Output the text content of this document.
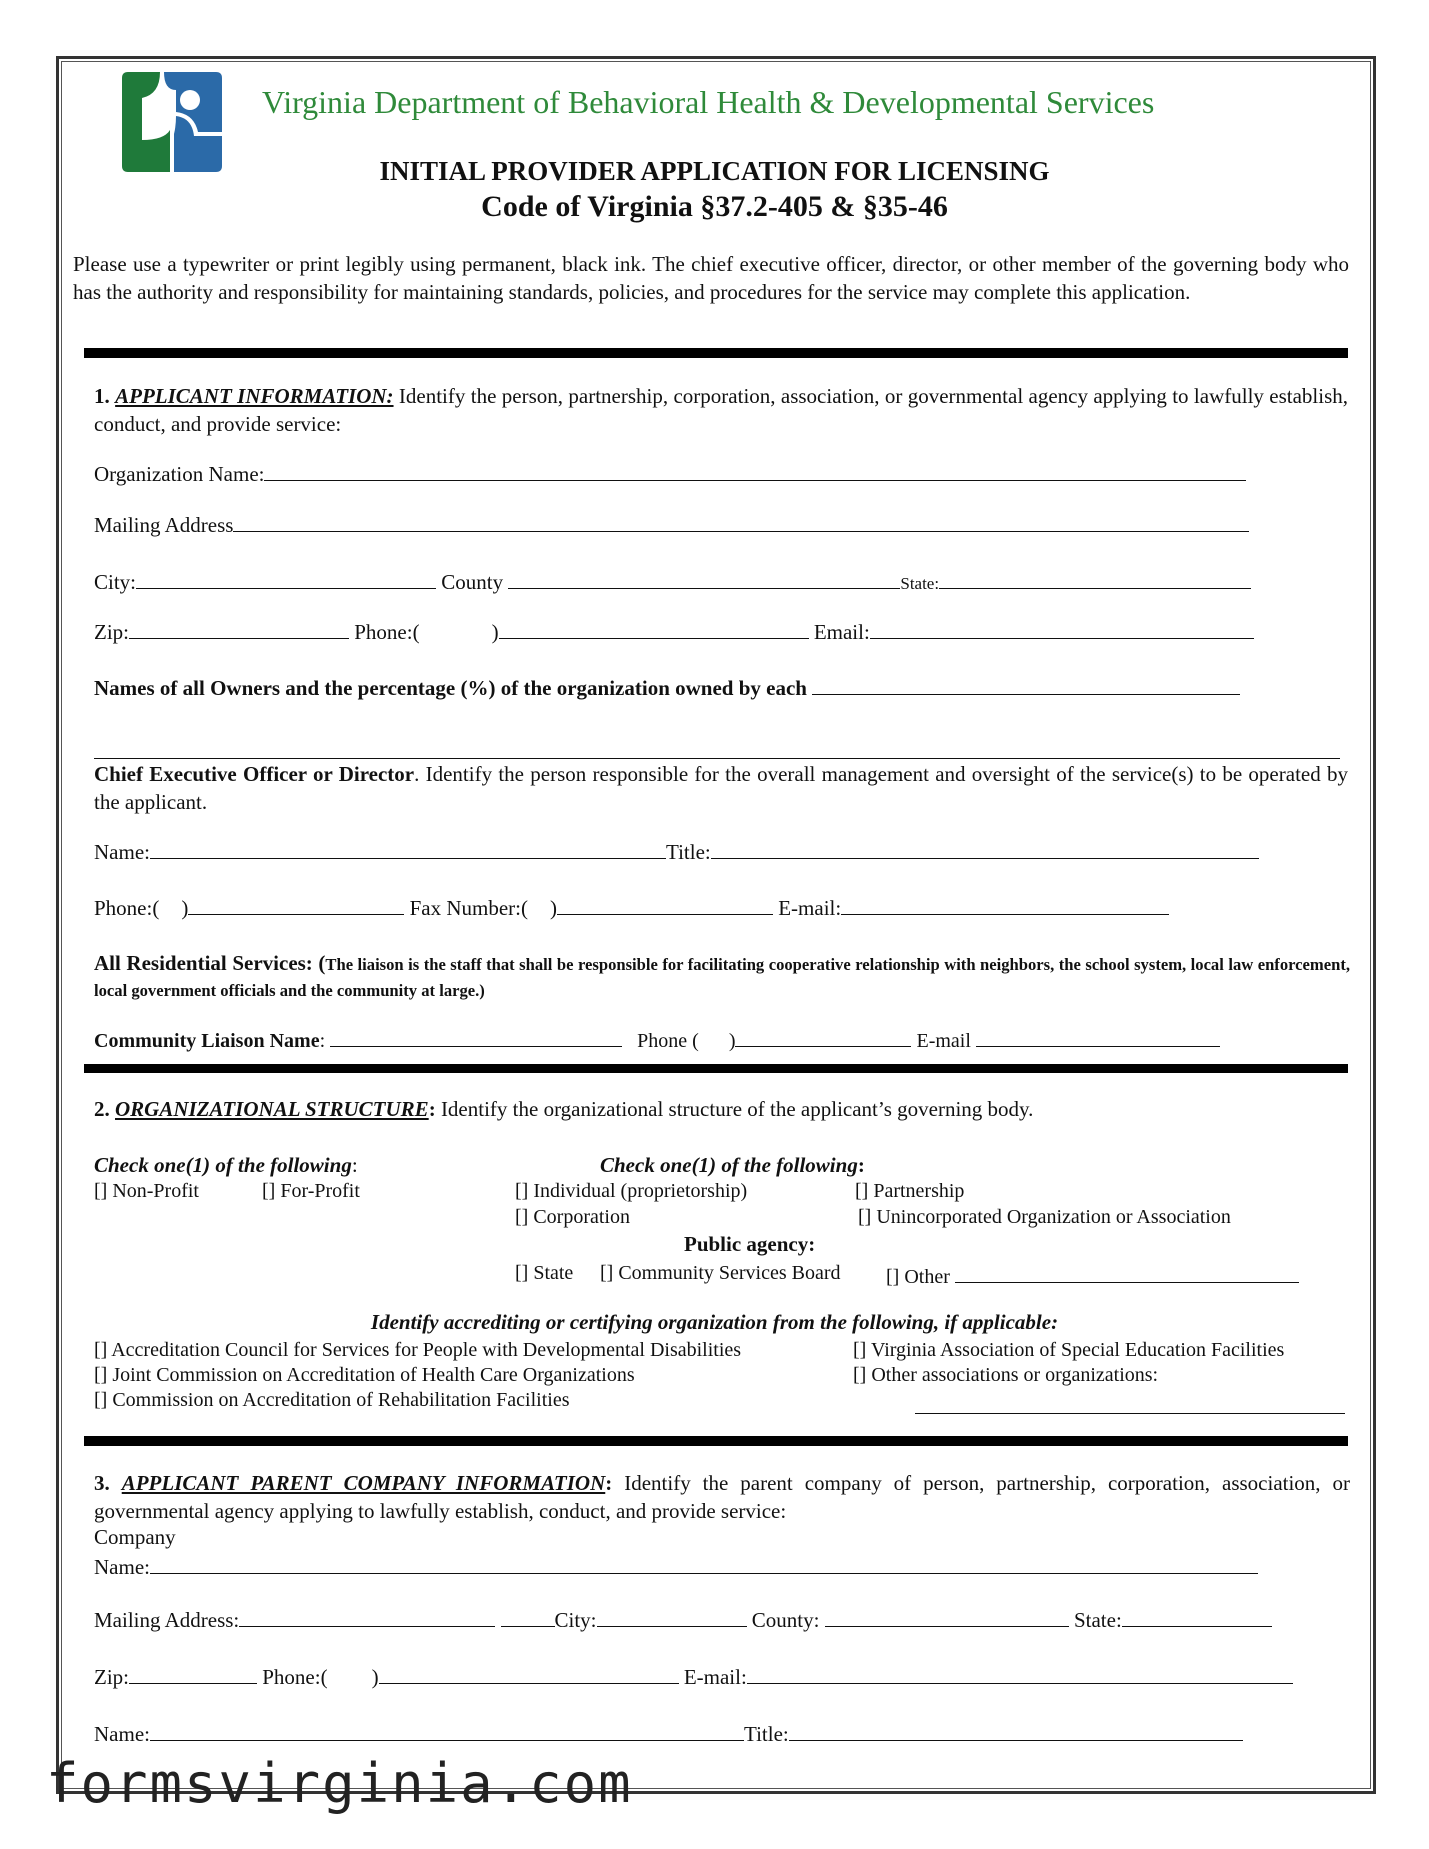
Virginia Department of Behavioral Health & Developmental Services
INITIAL PROVIDER APPLICATION FOR LICENSING
Code of Virginia §37.2-405 & §35-46
Please use a typewriter or print legibly using permanent, black ink. The chief executive officer, director, or other member of the governing body who has the authority and responsibility for maintaining standards, policies, and procedures for the service may complete this application.
1. APPLICANT INFORMATION: Identify the person, partnership, corporation, association, or governmental agency applying to lawfully establish, conduct, and provide service:
Organization Name:
Mailing Address
City:	County	State:
Zip:	Phone:(	)	Email:
Names of all Owners and the percentage (%) of the organization owned by each
Chief Executive Officer or Director. Identify the person responsible for the overall management and oversight of the service(s) to be operated by the applicant.
Name:	Title:
Phone:( )	Fax Number:( )	E-mail:
All Residential Services: (The liaison is the staff that shall be responsible for facilitating cooperative relationship with neighbors, the school system, local law enforcement, local government officials and the community at large.)
Community Liaison Name:	Phone ( )	E-mail
2. ORGANIZATIONAL STRUCTURE: Identify the organizational structure of the applicant’s governing body.
Check one(1) of the following:
[] Non-Profit	[] For-Profit
Check one(1) of the following:
[] Individual (proprietorship)	[] Partnership
[] Corporation	[] Unincorporated Organization or Association
Public agency:
[] State [] Community Services Board [] Other
Identify accrediting or certifying organization from the following, if applicable:
[] Accreditation Council for Services for People with Developmental Disabilities
[] Joint Commission on Accreditation of Health Care Organizations
[] Commission on Accreditation of Rehabilitation Facilities
[] Virginia Association of Special Education Facilities
[] Other associations or organizations:
3. APPLICANT PARENT COMPANY INFORMATION: Identify the parent company of person, partnership, corporation, association, or governmental agency applying to lawfully establish, conduct, and provide service:
Company
Name:
Mailing Address:	City:	County:	State:
Zip:	Phone:( )	E-mail:
Name:	Title:
formsvirginia.com
